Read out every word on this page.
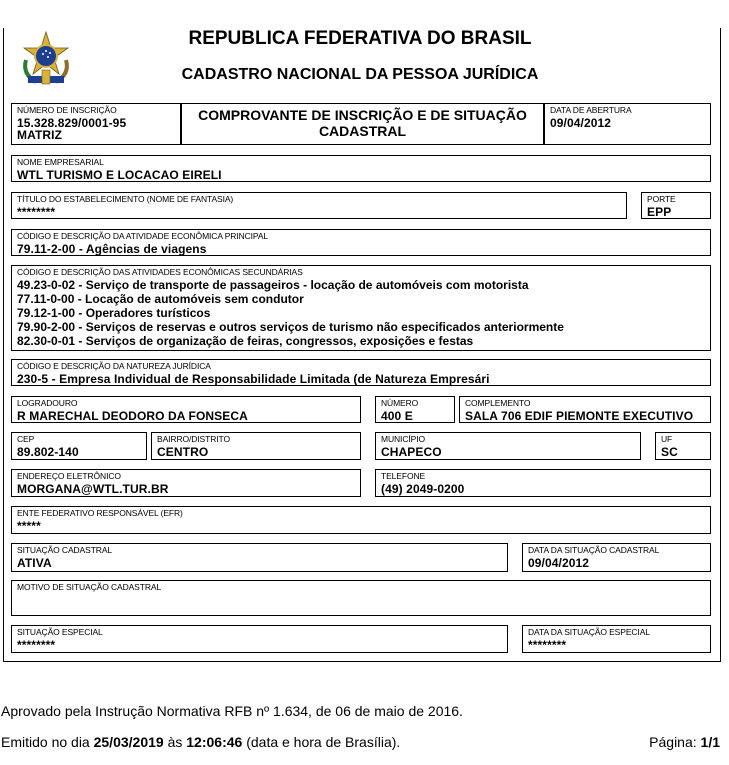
REPUBLICA FEDERATIVA DO BRASIL
CADASTRO NACIONAL DA PESSOA JURÍDICA
NÚMERO DE INSCRIÇÃO
15.328.829/0001-95
MATRIZ
COMPROVANTE DE INSCRIÇÃO E DE SITUAÇÃO CADASTRAL
DATA DE ABERTURA
09/04/2012
NOME EMPRESARIAL
WTL TURISMO E LOCACAO EIRELI
TÍTULO DO ESTABELECIMENTO (NOME DE FANTASIA)
********
PORTE
EPP
CÓDIGO E DESCRIÇÃO DA ATIVIDADE ECONÔMICA PRINCIPAL
79.11-2-00 - Agências de viagens
CÓDIGO E DESCRIÇÃO DAS ATIVIDADES ECONÔMICAS SECUNDÁRIAS
49.23-0-02 - Serviço de transporte de passageiros - locação de automóveis com motorista
77.11-0-00 - Locação de automóveis sem condutor
79.12-1-00 - Operadores turísticos
79.90-2-00 - Serviços de reservas e outros serviços de turismo não especificados anteriormente
82.30-0-01 - Serviços de organização de feiras, congressos, exposições e festas
CÓDIGO E DESCRIÇÃO DA NATUREZA JURÍDICA
230-5 - Empresa Individual de Responsabilidade Limitada (de Natureza Empresári
LOGRADOURO
R MARECHAL DEODORO DA FONSECA
NÚMERO
400 E
COMPLEMENTO
SALA 706 EDIF PIEMONTE EXECUTIVO
CEP
89.802-140
BAIRRO/DISTRITO
CENTRO
MUNICÍPIO
CHAPECO
UF
SC
ENDEREÇO ELETRÔNICO
MORGANA@WTL.TUR.BR
TELEFONE
(49) 2049-0200
ENTE FEDERATIVO RESPONSÁVEL (EFR)
*****
SITUAÇÃO CADASTRAL
ATIVA
DATA DA SITUAÇÃO CADASTRAL
09/04/2012
MOTIVO DE SITUAÇÃO CADASTRAL
SITUAÇÃO ESPECIAL
********
DATA DA SITUAÇÃO ESPECIAL
********
Aprovado pela Instrução Normativa RFB nº 1.634, de 06 de maio de 2016.
Emitido no dia 25/03/2019 às 12:06:46 (data e hora de Brasília).	Página: 1/1
